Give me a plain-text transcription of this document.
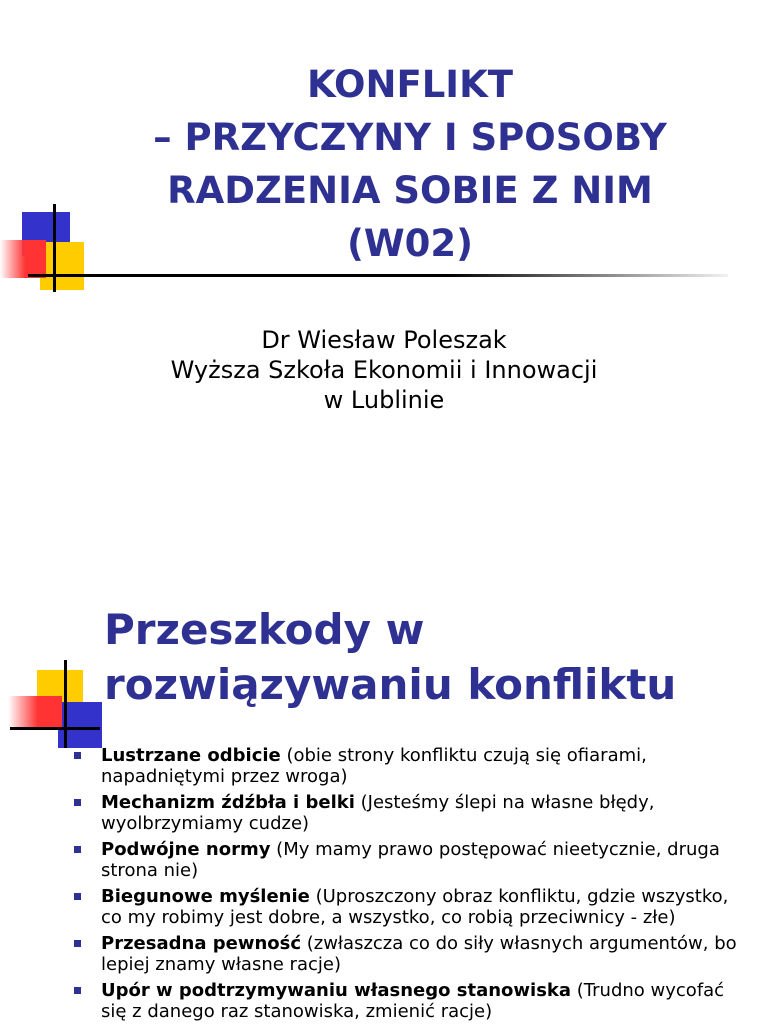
KONFLIKT
– PRZYCZYNY I SPOSOBY
RADZENIA SOBIE Z NIM
(W02)
Dr Wiesław Poleszak
Wyższa Szkoła Ekonomii i Innowacji
w Lublinie
Przeszkody w
rozwiązywaniu konfliktu
Lustrzane odbicie (obie strony konfliktu czują się ofiarami, napadniętymi przez wroga)
Mechanizm źdźbła i belki (Jesteśmy ślepi na własne błędy, wyolbrzymiamy cudze)
Podwójne normy (My mamy prawo postępować nieetycznie, druga strona nie)
Biegunowe myślenie (Uproszczony obraz konfliktu, gdzie wszystko, co my robimy jest dobre, a wszystko, co robią przeciwnicy - złe)
Przesadna pewność (zwłaszcza co do siły własnych argumentów, bo lepiej znamy własne racje)
Upór w podtrzymywaniu własnego stanowiska (Trudno wycofać się z danego raz stanowiska, zmienić racje)
